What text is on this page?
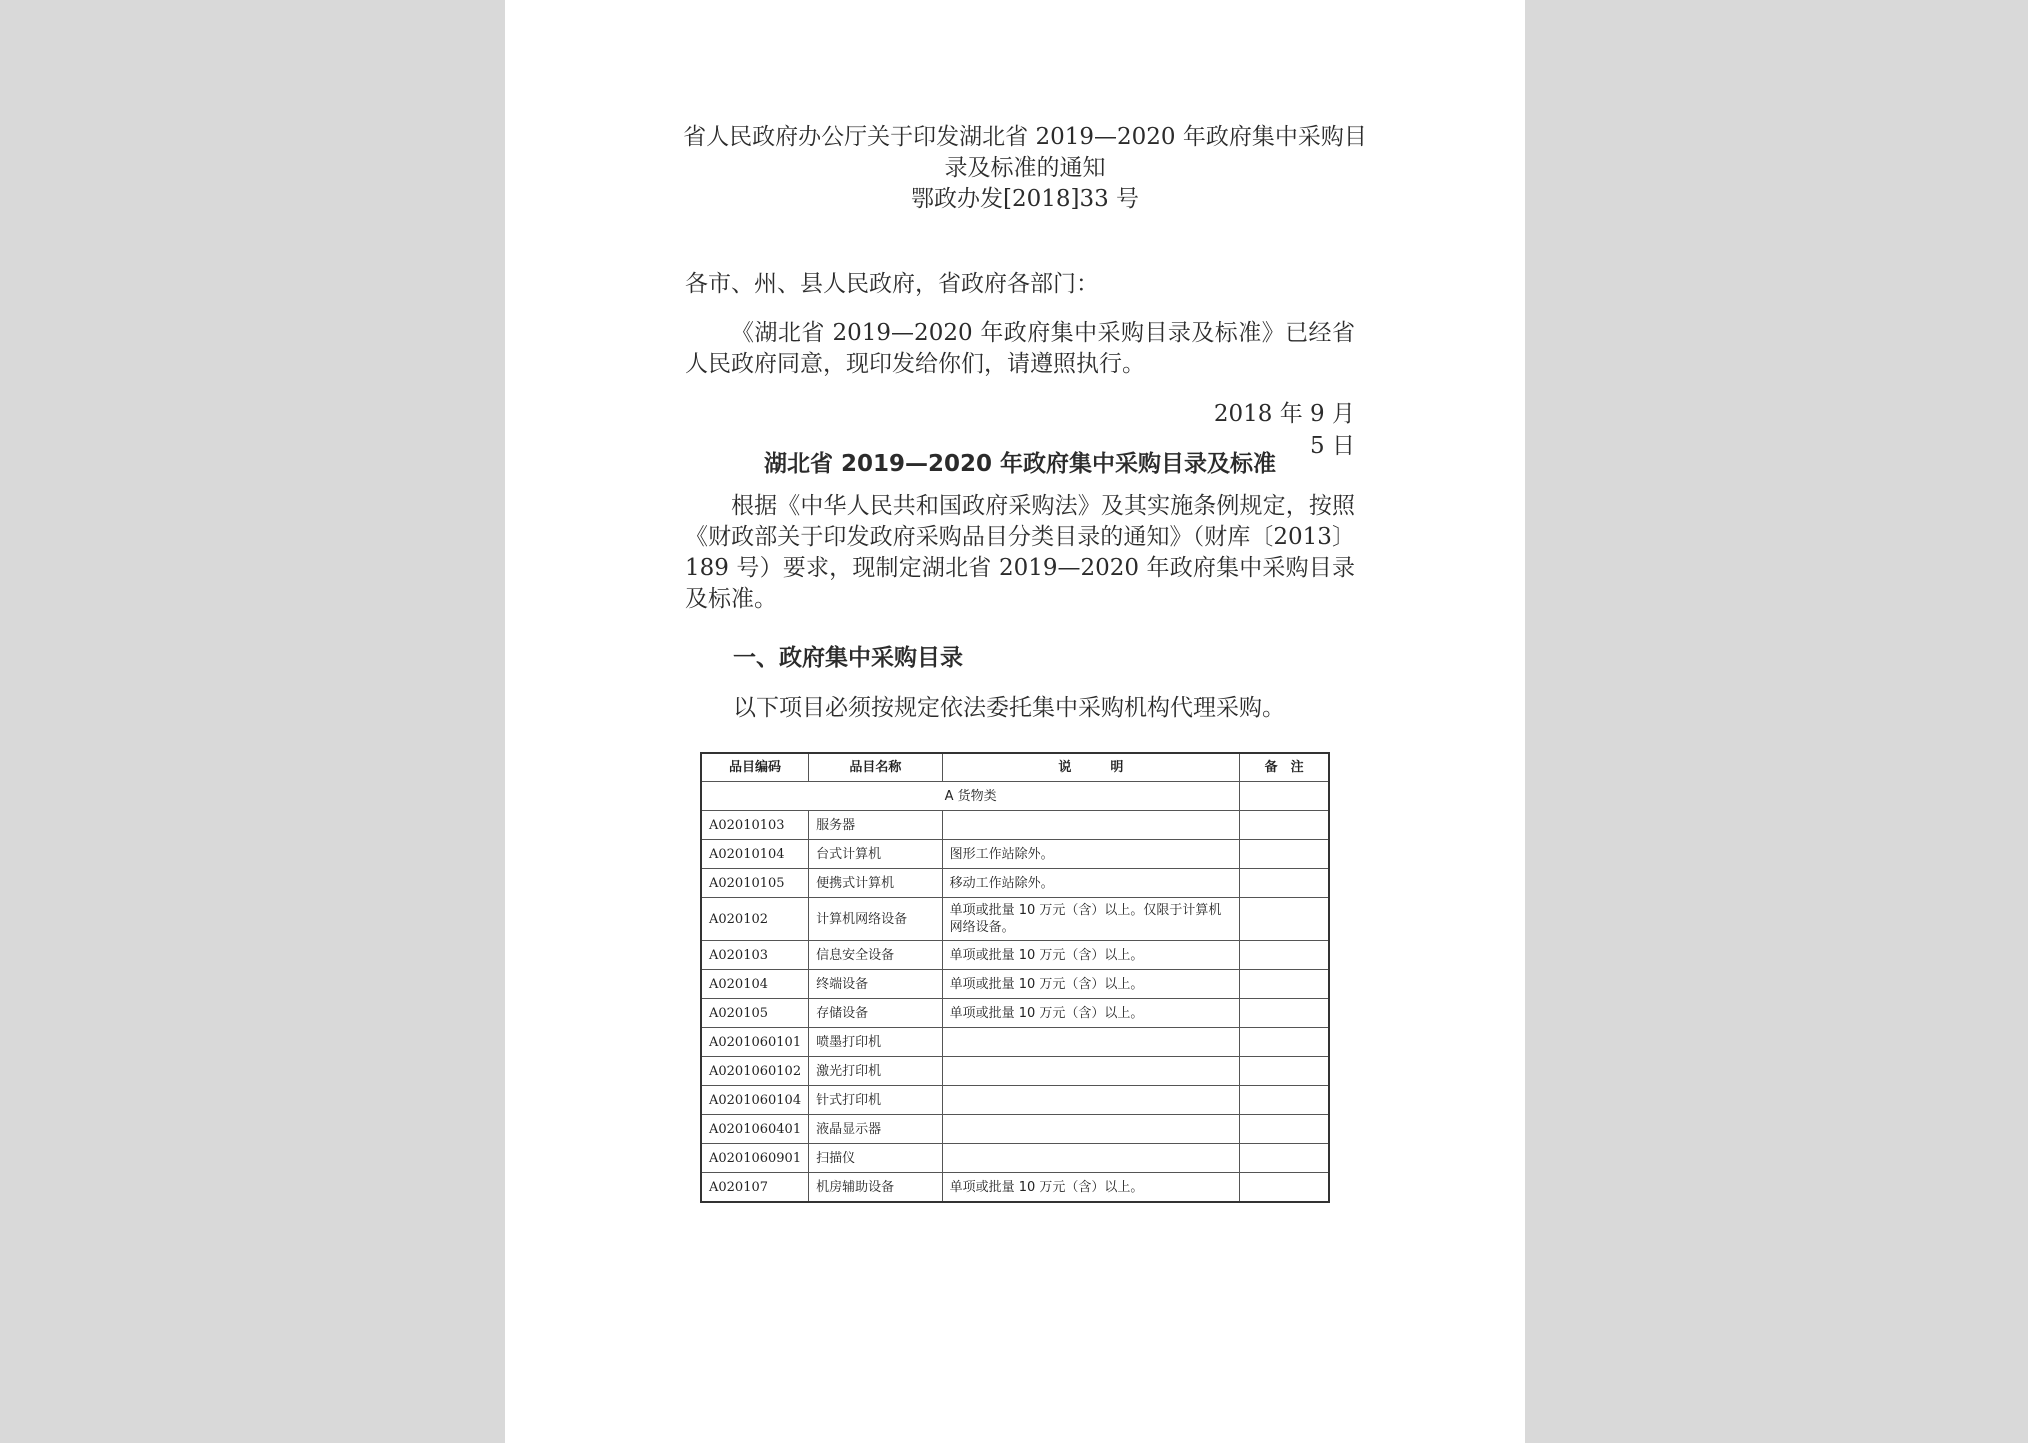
省人民政府办公厅关于印发湖北省 2019—2020 年政府集中采购目
录及标准的通知
鄂政办发[2018]33 号
各市、州、县人民政府，省政府各部门：
《湖北省 2019—2020 年政府集中采购目录及标准》已经省人民政府同意，现印发给你们，请遵照执行。
2018 年 9 月 5 日
湖北省 2019—2020 年政府集中采购目录及标准
根据《中华人民共和国政府采购法》及其实施条例规定，按照《财政部关于印发政府采购品目分类目录的通知》（财库〔2013〕189 号）要求，现制定湖北省 2019—2020 年政府集中采购目录及标准。
一、政府集中采购目录
以下项目必须按规定依法委托集中采购机构代理采购。
品目编码	品目名称	说　　　明	备　注
A 货物类			
A02010103	服务器		
A02010104	台式计算机	图形工作站除外。	
A02010105	便携式计算机	移动工作站除外。	
A020102	计算机网络设备	单项或批量 10 万元（含）以上。仅限于计算机网络设备。	
A020103	信息安全设备	单项或批量 10 万元（含）以上。	
A020104	终端设备	单项或批量 10 万元（含）以上。	
A020105	存储设备	单项或批量 10 万元（含）以上。	
A0201060101	喷墨打印机		
A0201060102	激光打印机		
A0201060104	针式打印机		
A0201060401	液晶显示器		
A0201060901	扫描仪		
A020107	机房辅助设备	单项或批量 10 万元（含）以上。	
